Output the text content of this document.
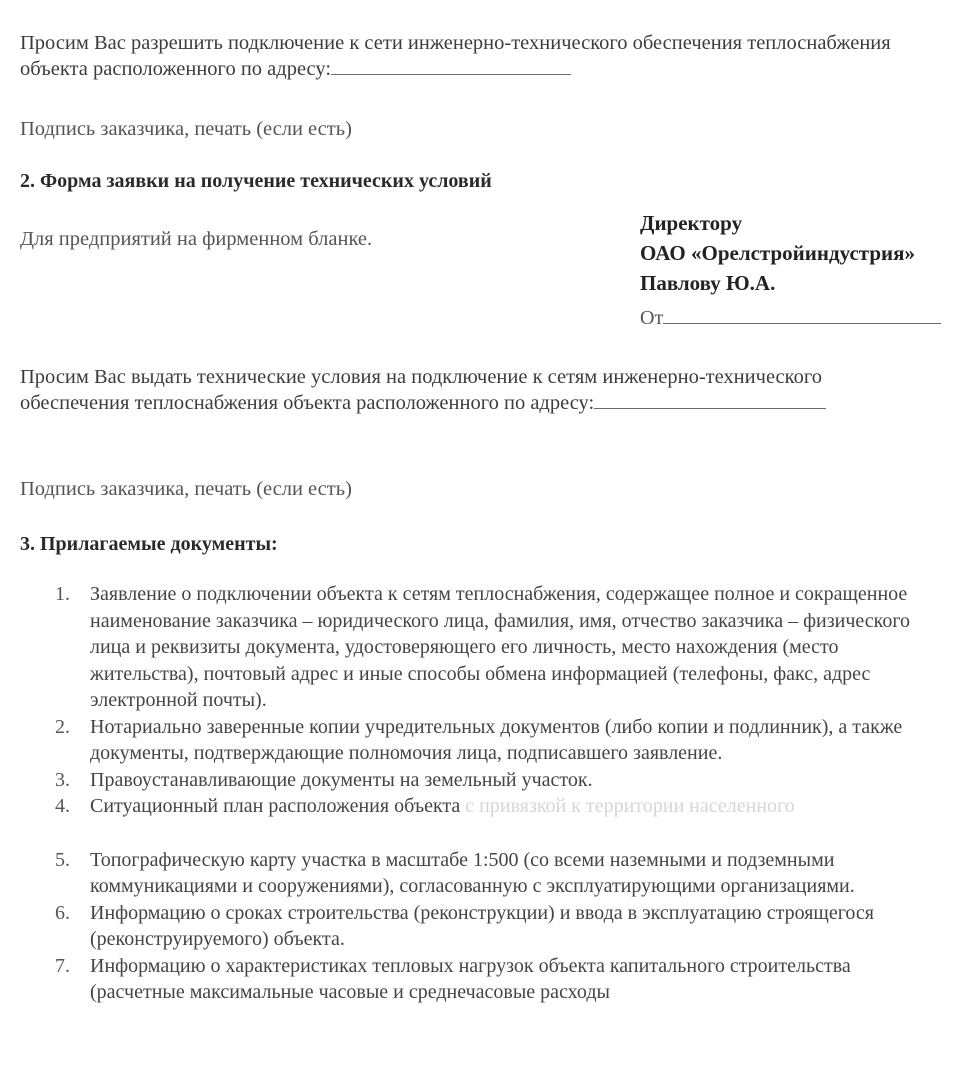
Просим Вас разрешить подключение к сети инженерно-технического обеспечения теплоснабжения объекта расположенного по адресу:
Подпись заказчика, печать (если есть)
2. Форма заявки на получение технических условий
Для предприятий на фирменном бланке.
Директору
ОАО «Орелстройиндустрия»
Павлову Ю.А.
От
Просим Вас выдать технические условия на подключение к сетям инженерно-технического обеспечения теплоснабжения объекта расположенного по адресу:
Подпись заказчика, печать (если есть)
3. Прилагаемые документы:
1. Заявление о подключении объекта к сетям теплоснабжения, содержащее полное и сокращенное наименование заказчика – юридического лица, фамилия, имя, отчество заказчика – физического лица и реквизиты документа, удостоверяющего его личность, место нахождения (место жительства), почтовый адрес и иные способы обмена информацией (телефоны, факс, адрес электронной почты).
2. Нотариально заверенные копии учредительных документов (либо копии и подлинник), а также документы, подтверждающие полномочия лица, подписавшего заявление.
3. Правоустанавливающие документы на земельный участок.
4. Ситуационный план расположения объекта с привязкой к территории населенного
5. Топографическую карту участка в масштабе 1:500 (со всеми наземными и подземными коммуникациями и сооружениями), согласованную с эксплуатирующими организациями.
6. Информацию о сроках строительства (реконструкции) и ввода в эксплуатацию строящегося (реконструируемого) объекта.
7. Информацию о характеристиках тепловых нагрузок объекта капитального строительства (расчетные максимальные часовые и среднечасовые расходы
